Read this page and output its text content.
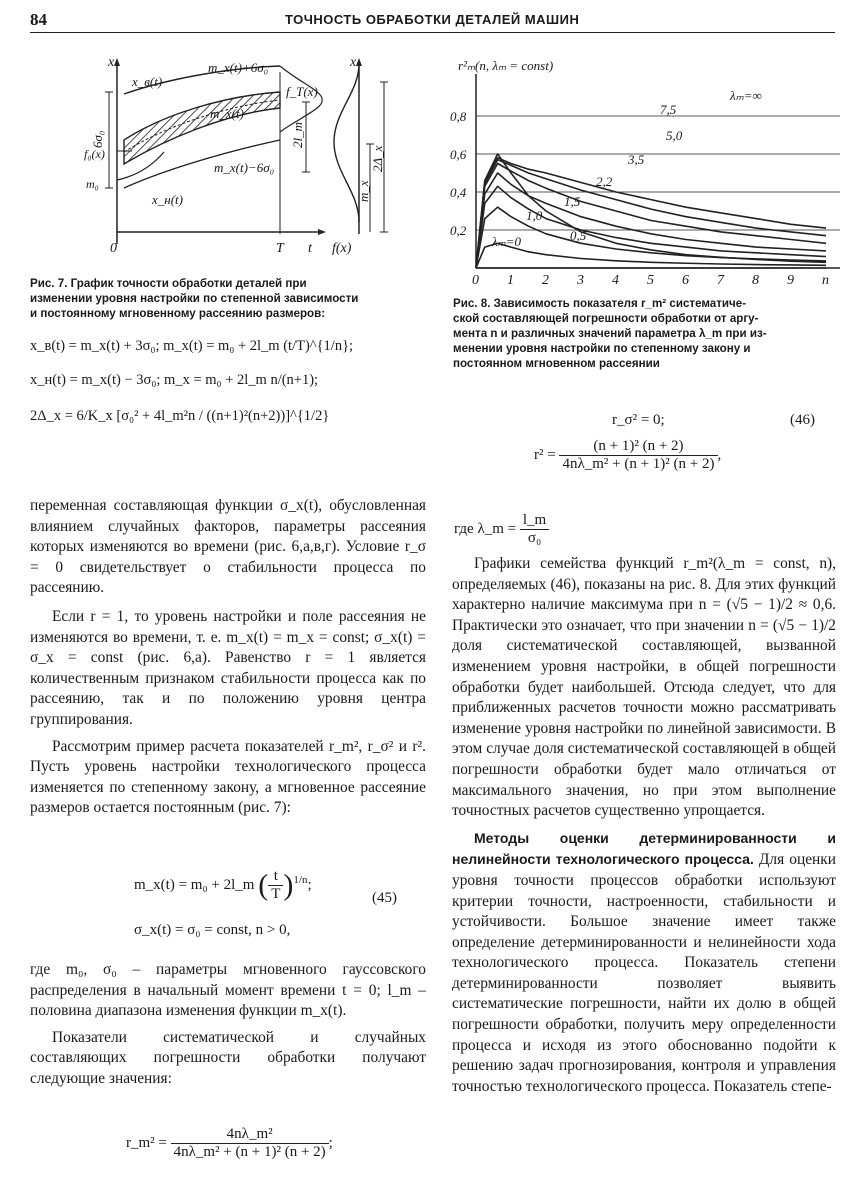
84	ТОЧНОСТЬ ОБРАБОТКИ ДЕТАЛЕЙ МАШИН
x
x_в(t)
m_x(t)+6σ₀
f_T(x)
m_x(t)
f₀(x)
m₀
6σ₀	2l_m
m_x(t)−6σ₀
x_н(t)
0	T t f(x)
x
m_x
2Δ_x
Рис. 7. График точности обработки деталей при
изменении уровня настройки по степенной зависимости
и постоянному мгновенному рассеянию размеров:
x_в(t) = m_x(t) + 3σ₀; m_x(t) = m₀ + 2l_m (t/T)^{1/n};
x_н(t) = m_x(t) − 3σ₀; m_x = m₀ + 2l_m n/(n+1);
2Δ_x = 6/K_x [σ₀² + 4l_m²n / ((n+1)²(n+2))]^{1/2}
r²ₘ(n, λₘ = const)
0,2
0,4
0,6
0,8
0 1 2 3 4 5 6 7 8 9 n
λₘ=∞
7,5
5,0
3,5
2,2
1,5
1,0
0,5
λₘ=0
Рис. 8. Зависимость показателя r_m² систематиче-
ской составляющей погрешности обработки от аргу-
мента n и различных значений параметра λ_m при из-
менении уровня настройки по степенному закону и
постоянном мгновенном рассеянии
r_σ² = 0;	(46)
$r^2 = \frac{\text{(n + 1)² (n + 2)}}{\text{4nλ\_m² + (n + 1)² (n + 2)}}$ ,
где λ_m = $\frac{l\_m}{\text{σ₀}}$

переменная составляющая функции σ_x(t), обусловленная влиянием случайных факторов, параметры рассеяния которых изменяются во времени (рис. 6,а,в,г). Условие r_σ = 0 свидетельствует о стабильности процесса по рассеянию.

Если r = 1, то уровень настройки и поле рассеяния не изменяются во времени, т. е. m_x(t) = m_x = const; σ_x(t) = σ_x = const (рис. 6,а). Равенство r = 1 является количественным признаком стабильности процесса как по рассеянию, так и по положению уровня центра группирования.

Рассмотрим пример расчета показателей r_m², r_σ² и r². Пусть уровень настройки технологического процесса изменяется по степенному закону, а мгновенное рассеяние размеров остается постоянным (рис. 7):

m_x(t) = m₀ + 2l_m ( $\frac{t}{T} )^{1/n}$;
(45)
σ_x(t) = σ₀ = const, n > 0,

где m₀, σ₀ – параметры мгновенного гауссовского распределения в начальный момент времени t = 0; l_m – половина диапазона изменения функции m_x(t).

Показатели систематической и случайных составляющих погрешности обработки получают следующие значения:

r_m² = $\frac{\text{4nλ\_m²}}{\text{4nλ\_m² + (n + 1)² (n + 2)}}$ ;

Графики семейства функций r_m²(λ_m = const, n), определяемых (46), показаны на рис. 8. Для этих функций характерно наличие максимума при n = (√5 − 1)/2 ≈ 0,6. Практически это означает, что при значении n = (√5 − 1)/2 доля систематической составляющей, вызванной изменением уровня настройки, в общей погрешности обработки будет наибольшей. Отсюда следует, что для приближенных расчетов точности можно рассматривать изменение уровня настройки по линейной зависимости. В этом случае доля систематической составляющей в общей погрешности обработки будет мало отличаться от максимального значения, но при этом выполнение точностных расчетов существенно упрощается.

Методы оценки детерминированности и нелинейности технологического процесса. Для оценки уровня точности процессов обработки используют критерии точности, настроенности, стабильности и устойчивости. Большое значение имеет также определение детерминированности и нелинейности хода технологического процесса. Показатель степени детерминированности позволяет выявить систематические погрешности, найти их долю в общей погрешности обработки, получить меру определенности процесса и исходя из этого обоснованно подойти к решению задач прогнозирования, контроля и управления точностью технологического процесса. Показатель степе-
